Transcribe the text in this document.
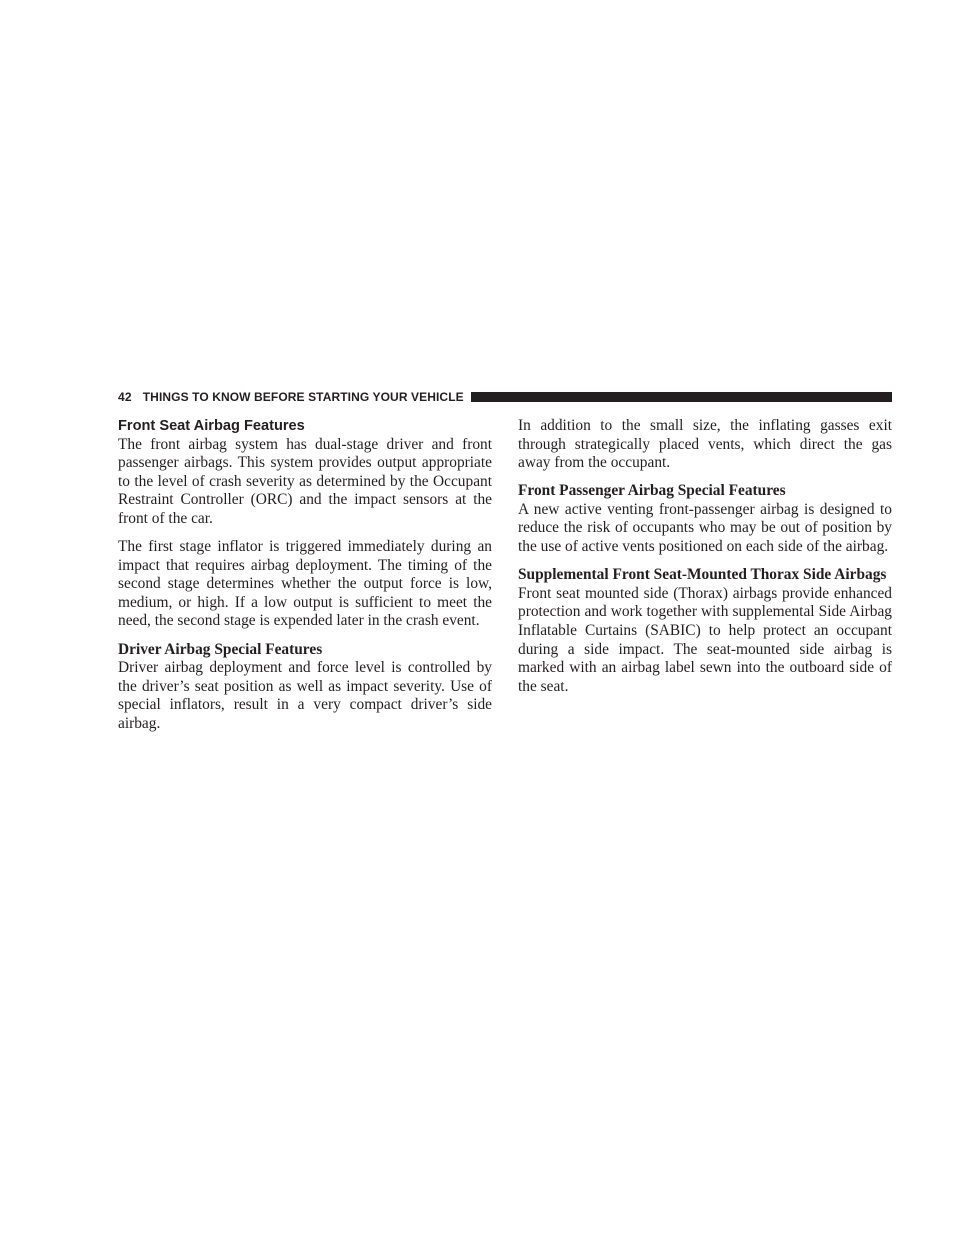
42 THINGS TO KNOW BEFORE STARTING YOUR VEHICLE
Front Seat Airbag Features

The front airbag system has dual-stage driver and front passenger airbags. This system provides output appropriate to the level of crash severity as determined by the Occupant Restraint Controller (ORC) and the impact sensors at the front of the car.

The first stage inflator is triggered immediately during an impact that requires airbag deployment. The timing of the second stage determines whether the output force is low, medium, or high. If a low output is sufficient to meet the need, the second stage is expended later in the crash event.

Driver Airbag Special Features

Driver airbag deployment and force level is controlled by the driver’s seat position as well as impact severity. Use of special inflators, result in a very compact driver’s side airbag.

In addition to the small size, the inflating gasses exit through strategically placed vents, which direct the gas away from the occupant.

Front Passenger Airbag Special Features

A new active venting front-passenger airbag is designed to reduce the risk of occupants who may be out of position by the use of active vents positioned on each side of the airbag.

Supplemental Front Seat-Mounted Thorax Side Airbags

Front seat mounted side (Thorax) airbags provide enhanced protection and work together with supplemental Side Airbag Inflatable Curtains (SABIC) to help protect an occupant during a side impact. The seat-mounted side airbag is marked with an airbag label sewn into the outboard side of the seat.
